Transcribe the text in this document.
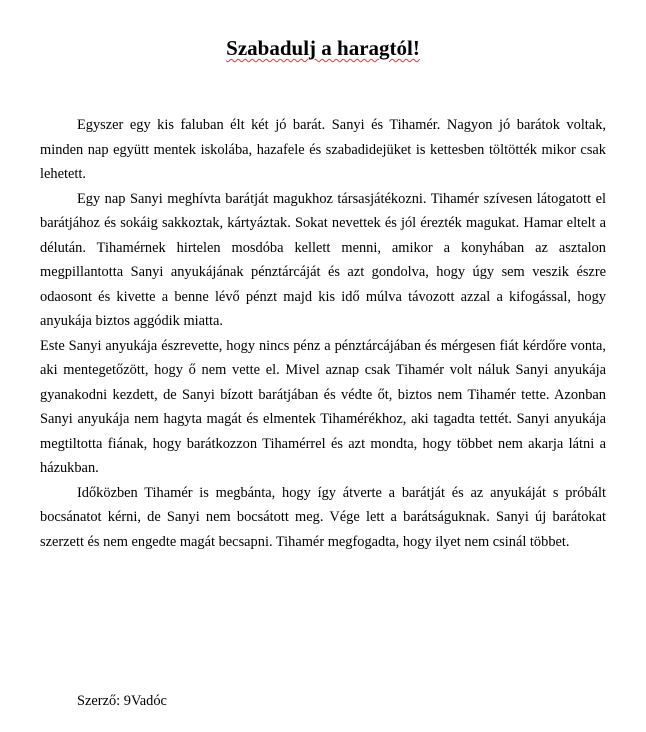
Szabadulj a haragtól!

Egyszer egy kis faluban élt két jó barát. Sanyi és Tihamér. Nagyon jó barátok voltak, minden nap együtt mentek iskolába, hazafele és szabadidejüket is kettesben töltötték mikor csak lehetett.

Egy nap Sanyi meghívta barátját magukhoz társasjátékozni. Tihamér szívesen látogatott el barátjához és sokáig sakkoztak, kártyáztak. Sokat nevettek és jól érezték magukat. Hamar eltelt a délután. Tihamérnek hirtelen mosdóba kellett menni, amikor a konyhában az asztalon megpillantotta Sanyi anyukájának pénztárcáját és azt gondolva, hogy úgy sem veszik észre odaosont és kivette a benne lévő pénzt majd kis idő múlva távozott azzal a kifogással, hogy anyukája biztos aggódik miatta.

Este Sanyi anyukája észrevette, hogy nincs pénz a pénztárcájában és mérgesen fiát kérdőre vonta, aki mentegetőzött, hogy ő nem vette el. Mivel aznap csak Tihamér volt náluk Sanyi anyukája gyanakodni kezdett, de Sanyi bízott barátjában és védte őt, biztos nem Tihamér tette. Azonban Sanyi anyukája nem hagyta magát és elmentek Tihamérékhoz, aki tagadta tettét. Sanyi anyukája megtiltotta fiának, hogy barátkozzon Tihamérrel és azt mondta, hogy többet nem akarja látni a házukban.

Időközben Tihamér is megbánta, hogy így átverte a barátját és az anyukáját s próbált bocsánatot kérni, de Sanyi nem bocsátott meg. Vége lett a barátságuknak. Sanyi új barátokat szerzett és nem engedte magát becsapni. Tihamér megfogadta, hogy ilyet nem csinál többet.

Szerző: 9Vadóc
